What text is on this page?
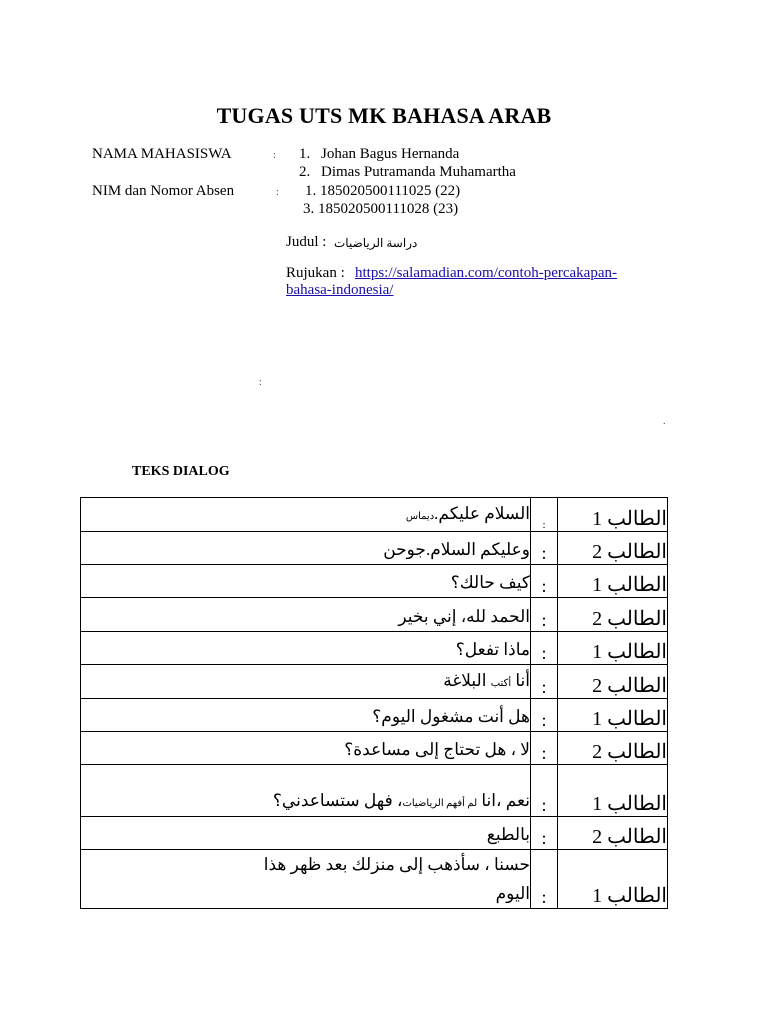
TUGAS UTS MK BAHASA ARAB
NAMA MAHASISWA	: 1. Johan Bagus Hernanda
2. Dimas Putramanda Muhamartha
NIM dan Nomor Absen	: 1. 185020500111025 (22)
3. 185020500111028 (23)
Judul : دراسة الرياضيات
Rujukan : https://salamadian.com/contoh-percakapan-
bahasa-indonesia/
:
.
TEKS DIALOG
السلام عليكم.ديماس	:	الطالب 1
وعليكم السلام.جوحن	:	الطالب 2
كيف حالك؟	:	الطالب 1
الحمد لله، إني بخير	:	الطالب 2
ماذا تفعل؟	:	الطالب 1
أنا أكتب البلاغة	:	الطالب 2
هل أنت مشغول اليوم؟	:	الطالب 1
لا ، هل تحتاج إلى مساعدة؟	:	الطالب 2
نعم ،انا لم أفهم الرياضيات، فهل ستساعدني؟	:	الطالب 1
بالطبع	:	الطالب 2
حسنا ، سأذهب إلى منزلك بعد ظهر هذا اليوم	:	الطالب 1
